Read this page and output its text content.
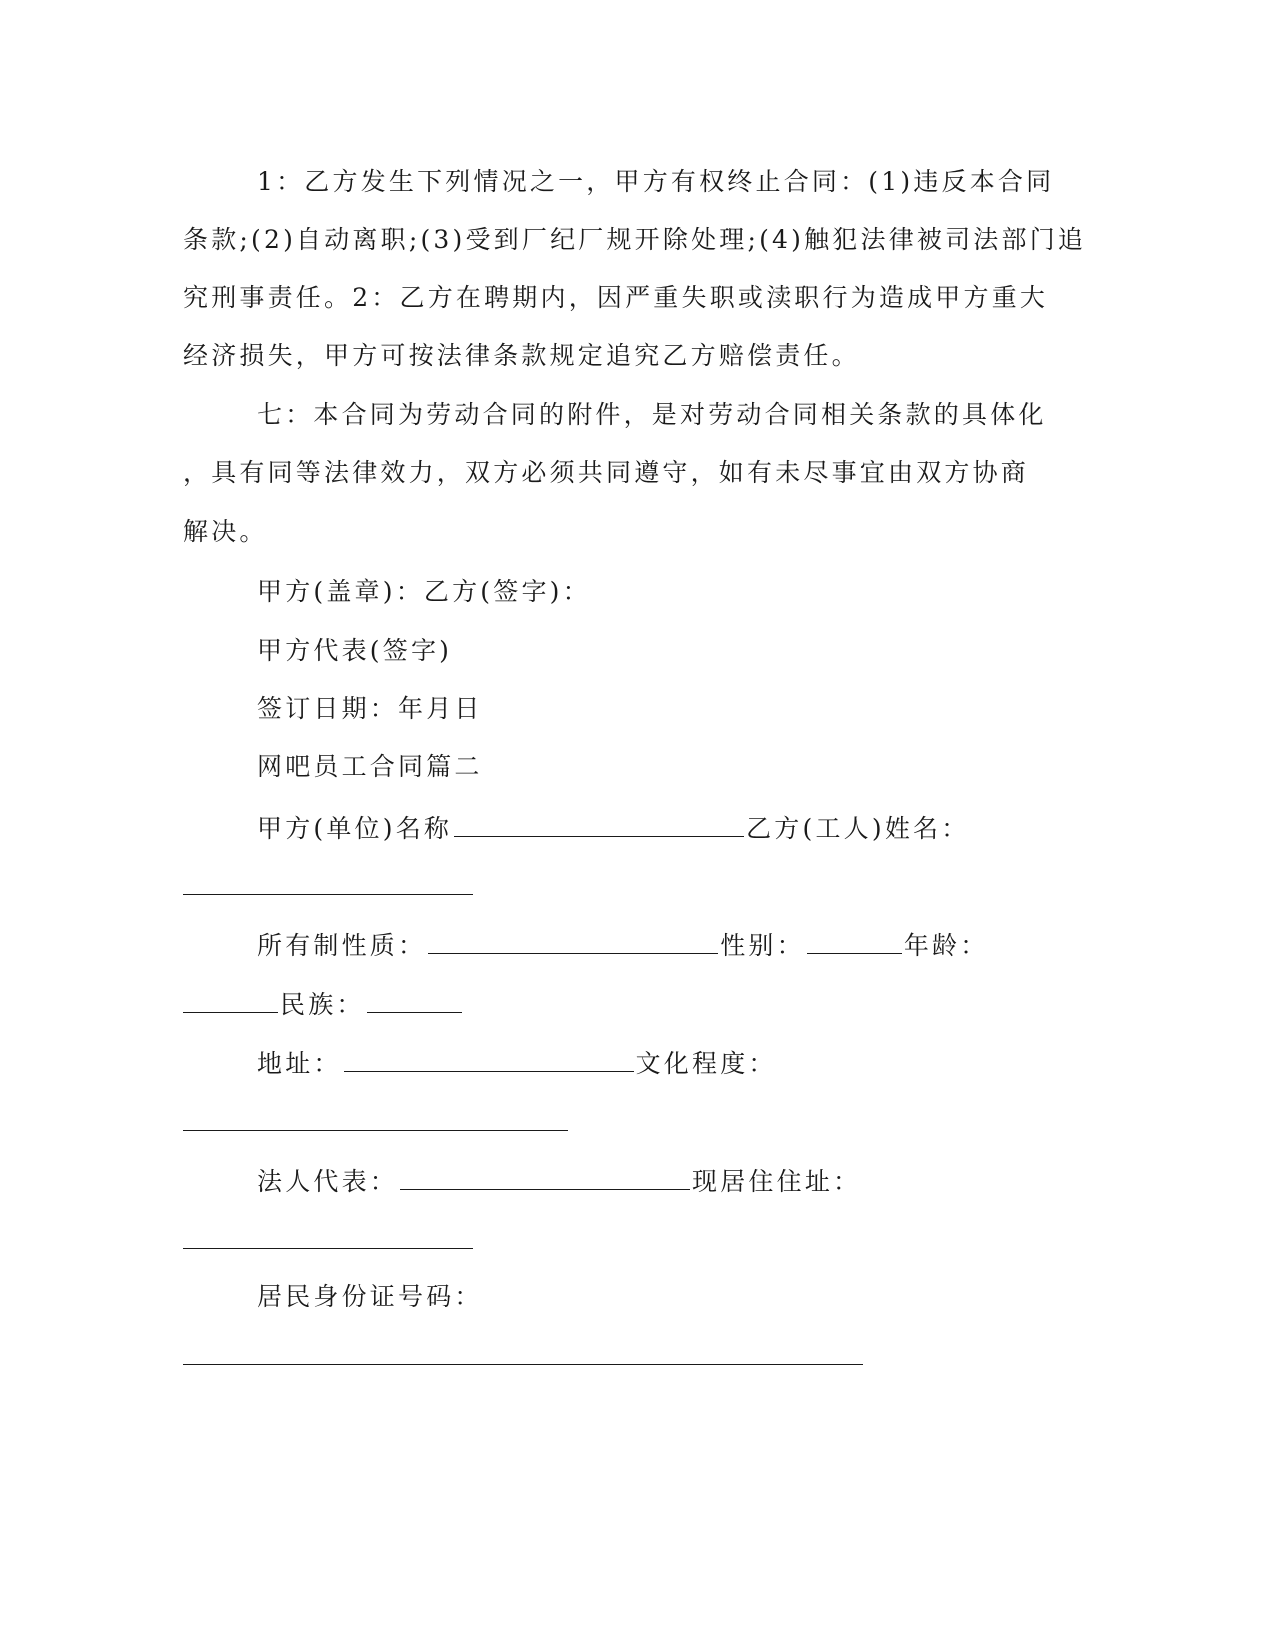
1：乙方发生下列情况之一，甲方有权终止合同：(1)违反本合同
条款;(2)自动离职;(3)受到厂纪厂规开除处理;(4)触犯法律被司法部门追
究刑事责任。2：乙方在聘期内，因严重失职或渎职行为造成甲方重大
经济损失，甲方可按法律条款规定追究乙方赔偿责任。
七：本合同为劳动合同的附件，是对劳动合同相关条款的具体化
，具有同等法律效力，双方必须共同遵守，如有未尽事宜由双方协商
解决。
甲方(盖章)：乙方(签字)：
甲方代表(签字)
签订日期：年月日
网吧员工合同篇二
甲方(单位)名称	乙方(工人)姓名：
所有制性质：	性别：	年龄：
民族：
地址：	文化程度：
法人代表：	现居住住址：
居民身份证号码：
